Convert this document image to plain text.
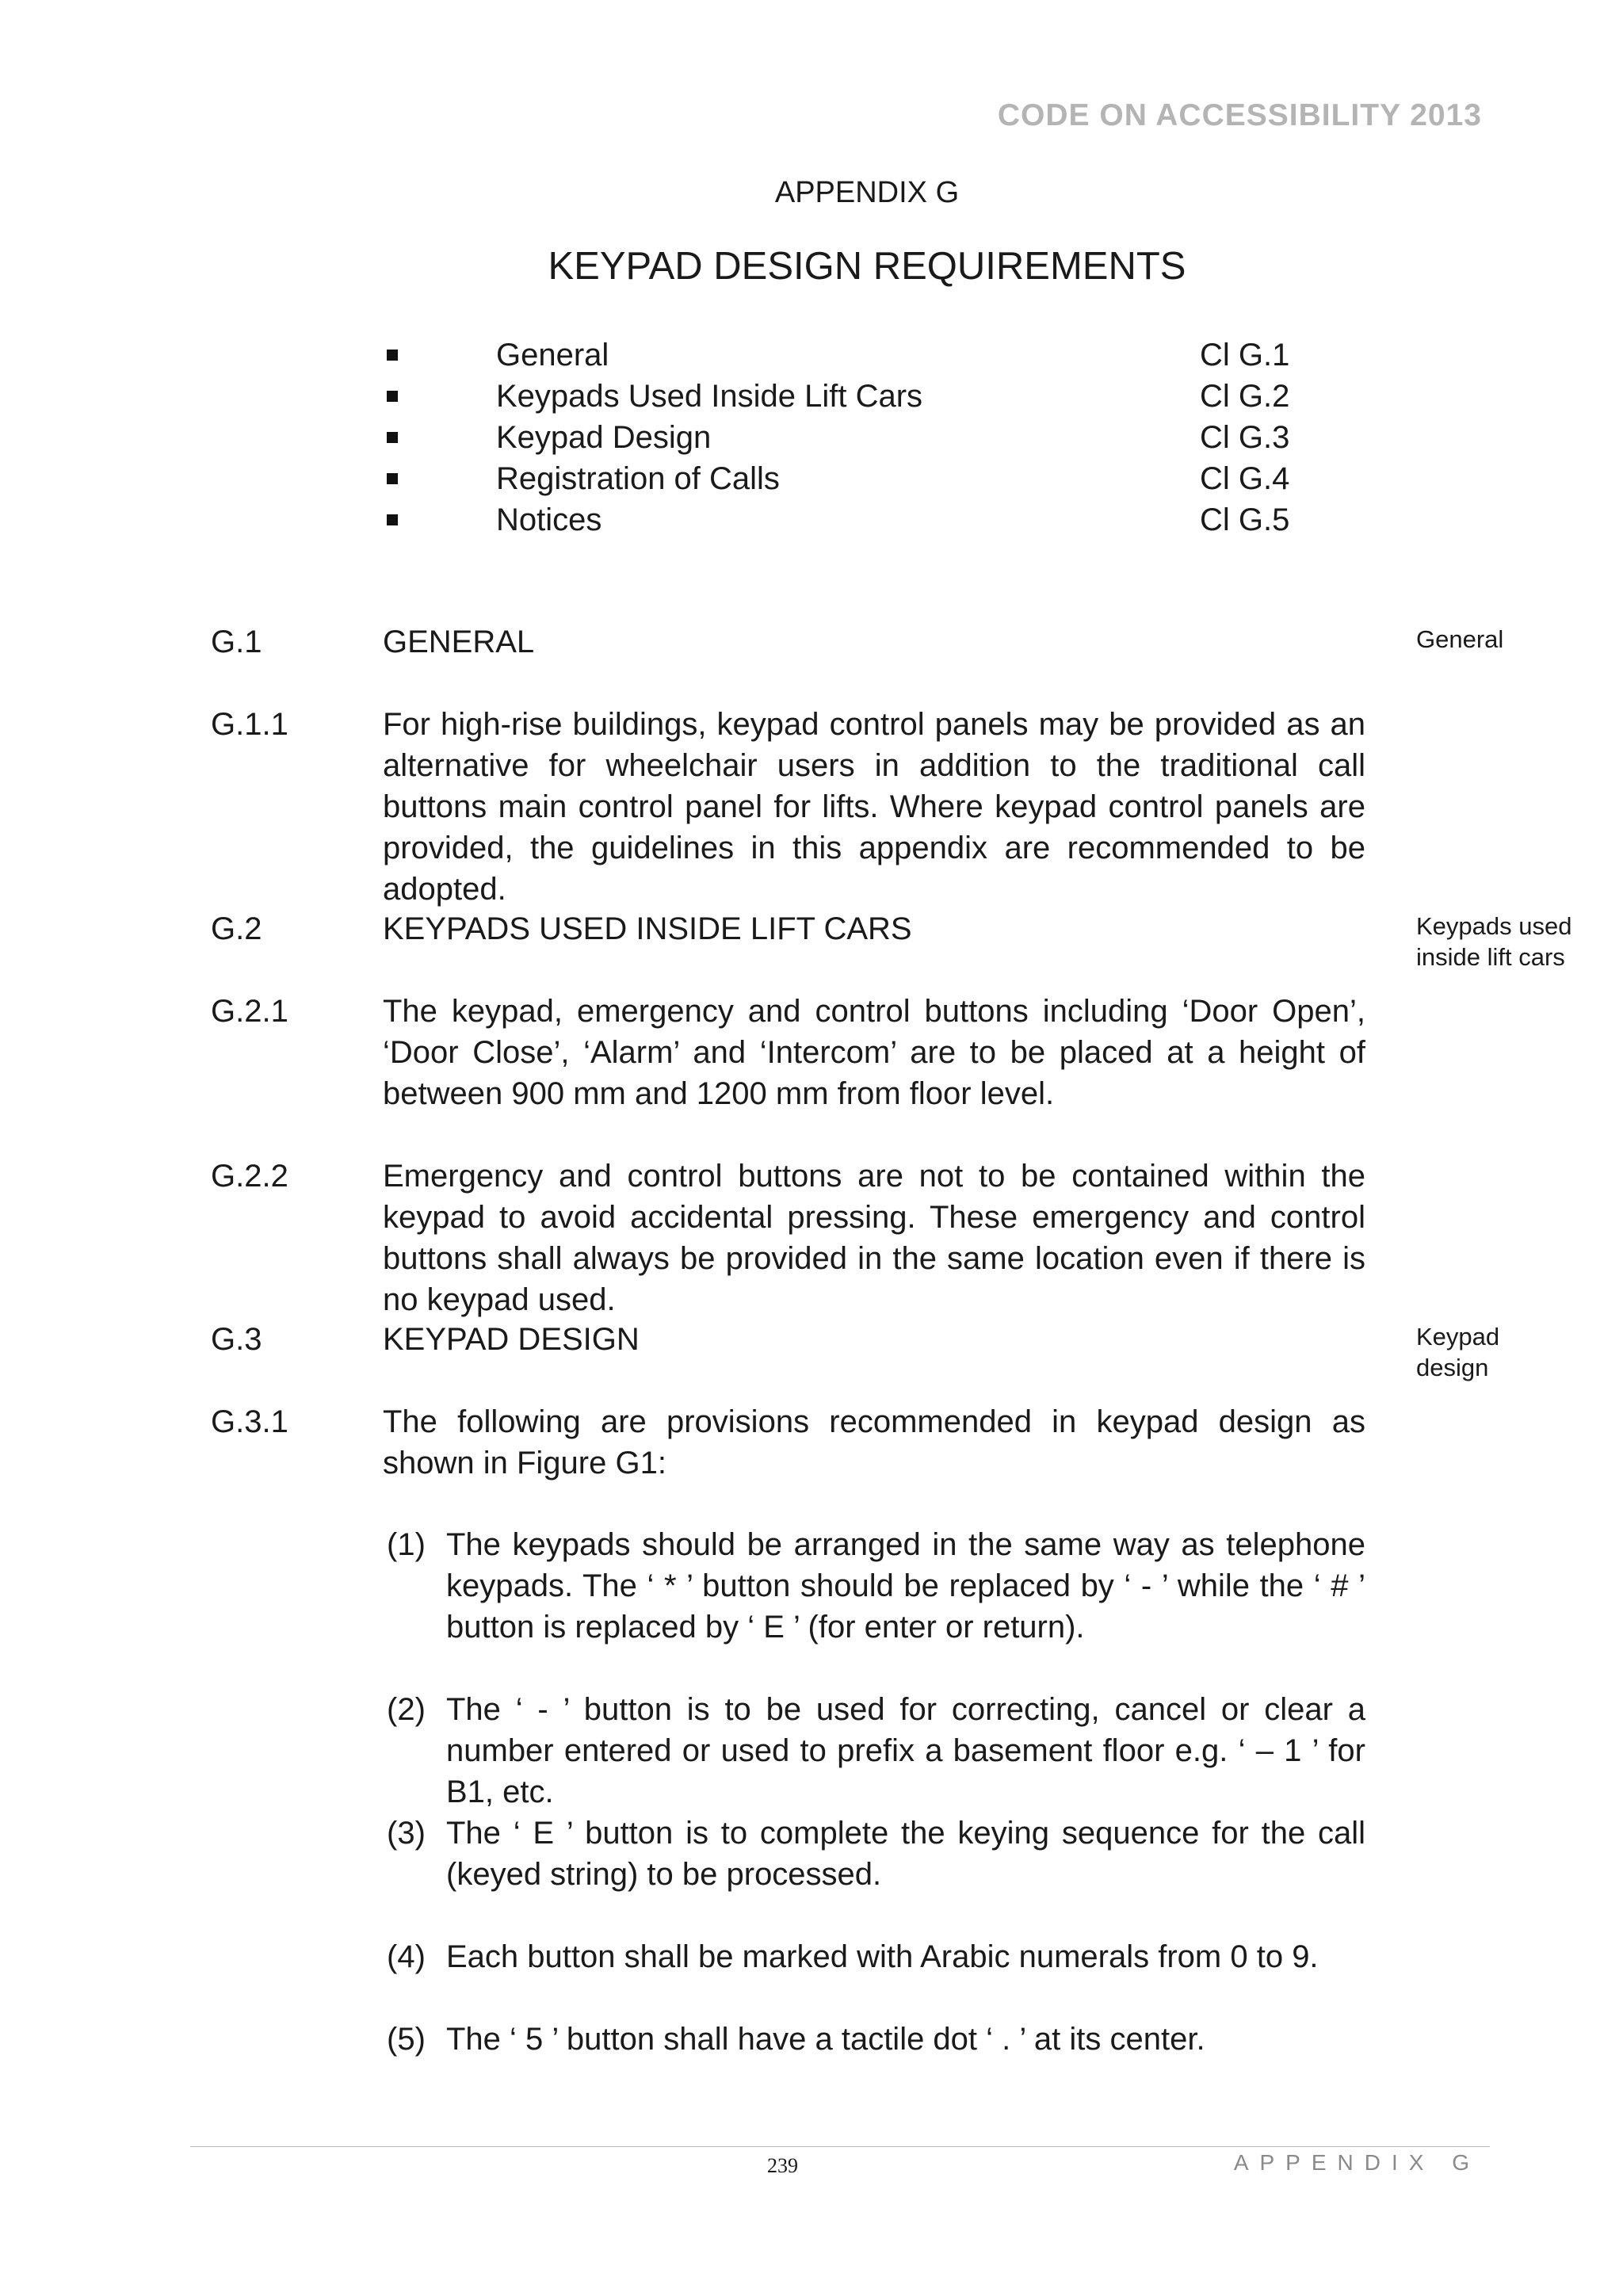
CODE ON ACCESSIBILITY 2013
APPENDIX G
KEYPAD DESIGN REQUIREMENTS
General	Cl G.1
Keypads Used Inside Lift Cars	Cl G.2
Keypad Design	Cl G.3
Registration of Calls	Cl G.4
Notices	Cl G.5
G.1	GENERAL	General
G.1.1	For high-rise buildings, keypad control panels may be provided as an alternative for wheelchair users in addition to the traditional call buttons main control panel for lifts. Where keypad control panels are provided, the guidelines in this appendix are recommended to be adopted.
G.2	KEYPADS USED INSIDE LIFT CARS	Keypads used inside lift cars
G.2.1	The keypad, emergency and control buttons including ‘Door Open’, ‘Door Close’, ‘Alarm’ and ‘Intercom’ are to be placed at a height of between 900 mm and 1200 mm from floor level.
G.2.2	Emergency and control buttons are not to be contained within the keypad to avoid accidental pressing. These emergency and control buttons shall always be provided in the same location even if there is no keypad used.
G.3	KEYPAD DESIGN	Keypad design
G.3.1	The following are provisions recommended in keypad design as shown in Figure G1:
(1) The keypads should be arranged in the same way as telephone keypads. The ‘ * ’ button should be replaced by ‘ - ’ while the ‘ # ’ button is replaced by ‘ E ’ (for enter or return).
(2) The ‘ - ’ button is to be used for correcting, cancel or clear a number entered or used to prefix a basement floor e.g. ‘ – 1 ’ for B1, etc.
(3) The ‘ E ’ button is to complete the keying sequence for the call (keyed string) to be processed.
(4) Each button shall be marked with Arabic numerals from 0 to 9.
(5) The ‘ 5 ’ button shall have a tactile dot ‘ . ’ at its center.
239	APPENDIX G
